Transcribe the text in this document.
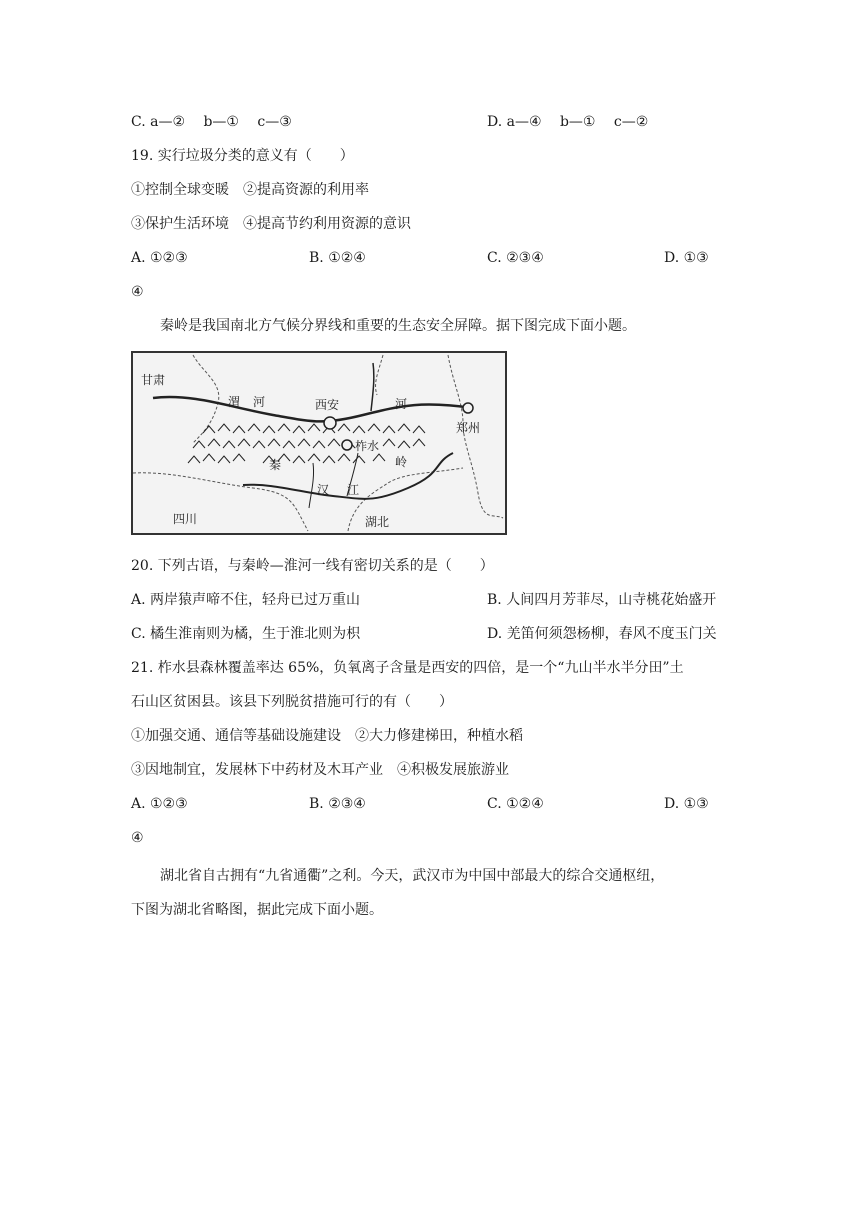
C. a—②　 b—①　 c—③	D. a—④　 b—①　 c—②
19. 实行垃圾分类的意义有（　　）
①控制全球变暖　②提高资源的利用率
③保护生活环境　④提高节约利用资源的意识
A. ①②③	B. ①②④	C. ②③④	D. ①③
④
秦岭是我国南北方气候分界线和重要的生态安全屏障。据下图完成下面小题。
甘肃
渭 河	西安	河
郑州
秦
柞水
岭
汉 江
四川	湖北
20. 下列古语，与秦岭—淮河一线有密切关系的是（　　）
A. 两岸猿声啼不住，轻舟已过万重山	B. 人间四月芳菲尽，山寺桃花始盛开
C. 橘生淮南则为橘，生于淮北则为枳	D. 羌笛何须怨杨柳，春风不度玉门关
21. 柞水县森林覆盖率达 65%，负氧离子含量是西安的四倍，是一个“九山半水半分田”土
石山区贫困县。该县下列脱贫措施可行的有（　　）
①加强交通、通信等基础设施建设　②大力修建梯田，种植水稻
③因地制宜，发展林下中药材及木耳产业　④积极发展旅游业
A. ①②③	B. ②③④	C. ①②④	D. ①③
④
湖北省自古拥有“九省通衢”之利。今天，武汉市为中国中部最大的综合交通枢纽，
下图为湖北省略图，据此完成下面小题。
